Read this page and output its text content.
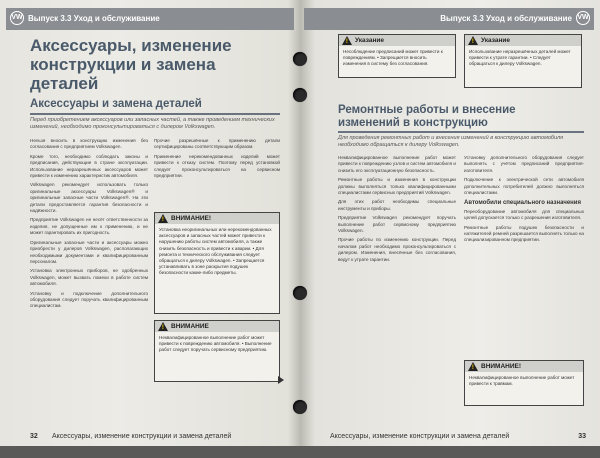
VW Выпуск 3.3 Уход и обслуживание
Аксессуары, изменение конструкции и замена деталей
Аксессуары и замена деталей
Перед приобретением аксессуаров или запасных частей, а также проведением технических изменений, необходимо проконсультироваться с дилером Volkswagen.

Нельзя вносить в конструкцию изменения без согласования с предприятием Volkswagen.

Кроме того, необходимо соблюдать законы и предписания, действующие в стране эксплуатации. Использование неразрешённых аксессуаров может привести к изменению характеристик автомобиля.

Volkswagen рекомендует использовать только оригинальные аксессуары Volkswagen® и оригинальные запасные части Volkswagen®. На эти детали предоставляется гарантия безопасности и надёжности.

Предприятие Volkswagen не несёт ответственности за изделия, не допущенные им к применению, и не может гарантировать их пригодность.

Оригинальные запасные части и аксессуары можно приобрести у дилеров Volkswagen, располагающих необходимыми документами и квалифицированным персоналом.

Установка электронных приборов, не одобренных Volkswagen, может вызвать помехи в работе систем автомобиля.

Установку и подключение дополнительного оборудования следует поручать квалифицированным специалистам.

Прочие разрешённые к применению детали сертифицированы соответствующим образом.

Применение нерекомендованных изделий может привести к отказу систем. Поэтому перед установкой следует проконсультироваться на сервисном предприятии.

!
ВНИМАНИЕ!
Установка неоригинальных или нерекомендованных аксессуаров и запасных частей может привести к нарушению работы систем автомобиля, а также снизить безопасность и привести к аварии. • Для ремонта и технического обслуживания следует обращаться к дилеру Volkswagen. • Запрещается устанавливать в зоне раскрытия подушек безопасности какие-либо предметы.
!
ВНИМАНИЕ
Неквалифицированное выполнение работ может привести к повреждению автомобиля. • Выполнение работ следует поручать сервисному предприятию.
32 Аксессуары, изменение конструкции и замена деталей
Выпуск 3.3 Уход и обслуживание VW
!
Указание
Несоблюдение предписаний может привести к повреждениям. • Запрещается вносить изменения в систему без согласования.
!
Указание
Использование неразрешённых деталей может привести к утрате гарантии. • Следует обращаться к дилеру Volkswagen.
Ремонтные работы и внесение изменений в конструкцию
Для проведения ремонтных работ и внесения изменений в конструкцию автомобиля необходимо обращаться к дилеру Volkswagen.

Неквалифицированное выполнение работ может привести к повреждению узлов и систем автомобиля и снизить его эксплуатационную безопасность.

Ремонтные работы и изменения в конструкции должны выполняться только квалифицированными специалистами сервисных предприятий Volkswagen.

Для этих работ необходимы специальные инструменты и приборы.

Предприятие Volkswagen рекомендует поручать выполнение работ сервисному предприятию Volkswagen.

Прочие работы по изменению конструкции. Перед началом работ необходимо проконсультироваться с дилером. Изменения, внесённые без согласования, ведут к утрате гарантии.

Установку дополнительного оборудования следует выполнять с учётом предписаний предприятия-изготовителя.

Подключение к электрической сети автомобиля дополнительных потребителей должно выполняться специалистами.

Автомобили специального назначения

Переоборудование автомобиля для специальных целей допускается только с разрешения изготовителя.

Ремонтные работы подушек безопасности и натяжителей ремней разрешается выполнять только на специализированном предприятии.

!
ВНИМАНИЕ!
Неквалифицированное выполнение работ может привести к травмам.
Аксессуары, изменение конструкции и замена деталей	33
